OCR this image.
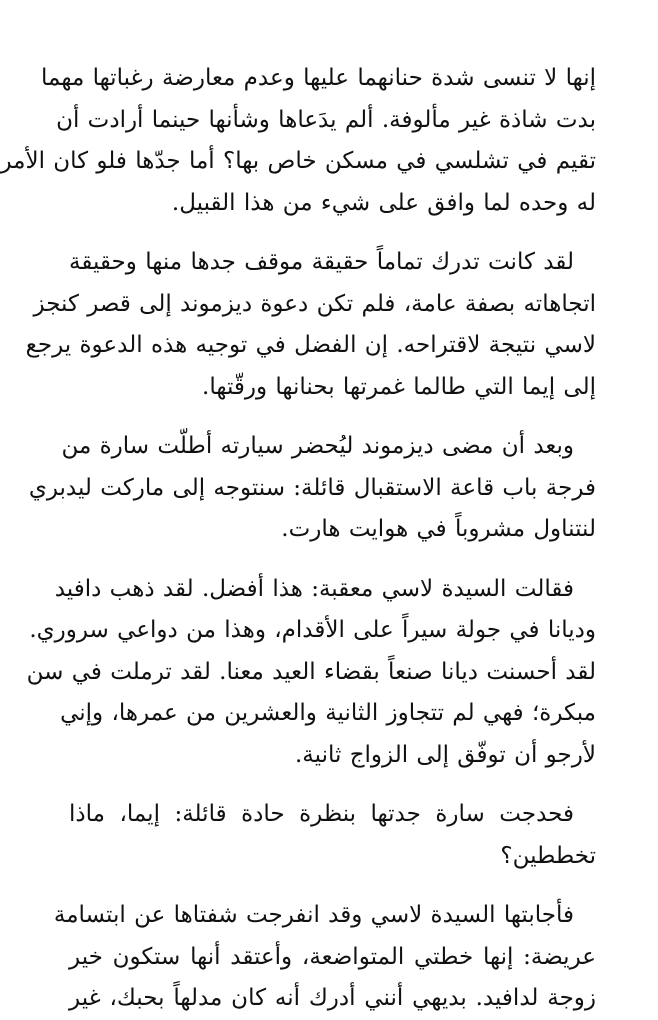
إنها لا تنسى شدة حنانهما عليها وعدم معارضة رغباتها مهما
بدت شاذة غير مألوفة. ألم يدَعاها وشأنها حينما أرادت أن
تقيم في تشلسي في مسكن خاص بها؟ أما جدّها فلو كان الأمر
له وحده لما وافق على شيء من هذا القبيل.

لقد كانت تدرك تماماً حقيقة موقف جدها منها وحقيقة
اتجاهاته بصفة عامة، فلم تكن دعوة ديزموند إلى قصر كنجز
لاسي نتيجة لاقتراحه. إن الفضل في توجيه هذه الدعوة يرجع
إلى إيما التي طالما غمرتها بحنانها ورقّتها.

وبعد أن مضى ديزموند ليُحضر سيارته أطلّت سارة من
فرجة باب قاعة الاستقبال قائلة: سنتوجه إلى ماركت ليدبري
لنتناول مشروباً في هوايت هارت.

فقالت السيدة لاسي معقبة: هذا أفضل. لقد ذهب دافيد
وديانا في جولة سيراً على الأقدام، وهذا من دواعي سروري.
لقد أحسنت ديانا صنعاً بقضاء العيد معنا. لقد ترملت في سن
مبكرة؛ فهي لم تتجاوز الثانية والعشرين من عمرها، وإني
لأرجو أن توفّق إلى الزواج ثانية.

فحدجت سارة جدتها بنظرة حادة قائلة: إيما، ماذا
تخططين؟

فأجابتها السيدة لاسي وقد انفرجت شفتاها عن ابتسامة
عريضة: إنها خطتي المتواضعة، وأعتقد أنها ستكون خير
زوجة لدافيد. بديهي أنني أدرك أنه كان مدلهاً بحبك، غير
